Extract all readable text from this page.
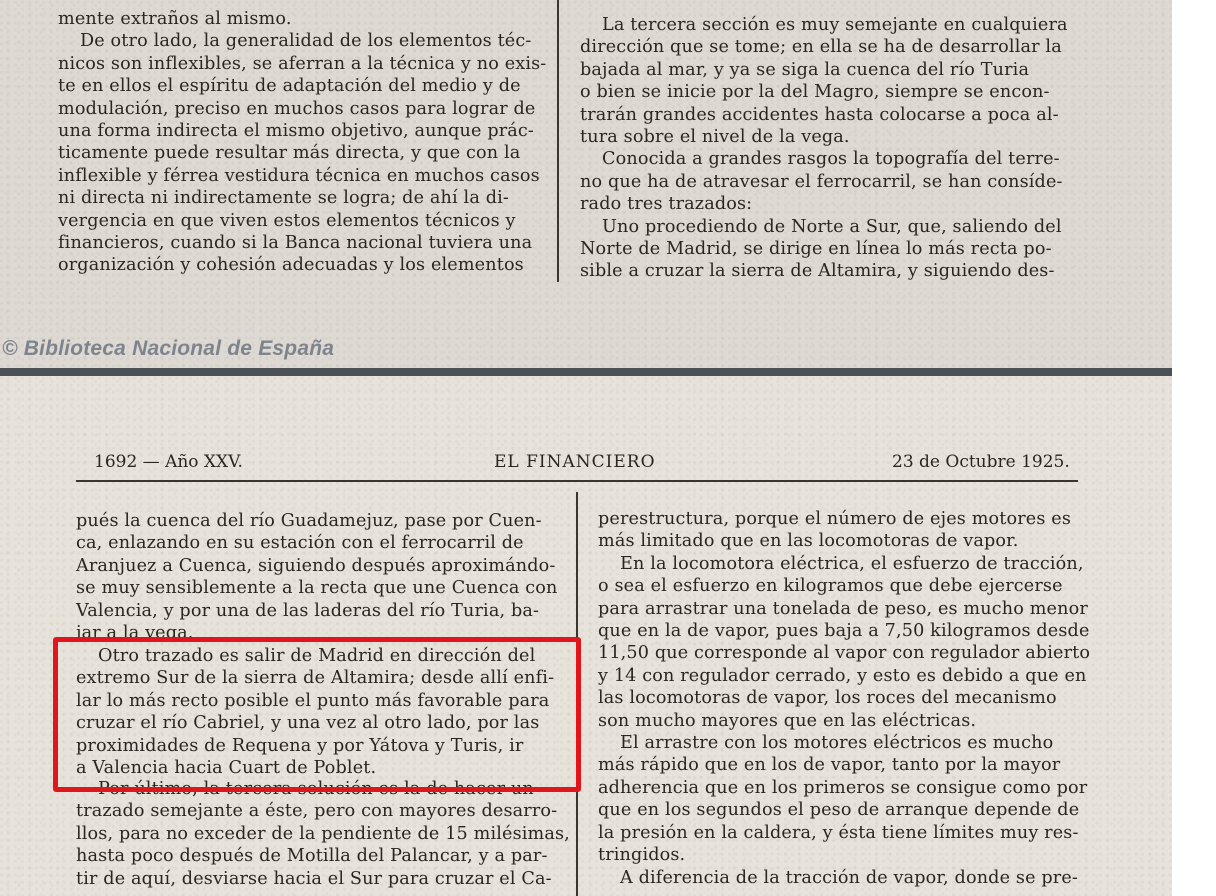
mente extraños al mismo.

De otro lado, la generalidad de los elementos téc-

nicos son inflexibles, se aferran a la técnica y no exis-

te en ellos el espíritu de adaptación del medio y de

modulación, preciso en muchos casos para lograr de

una forma indirecta el mismo objetivo, aunque prác-

ticamente puede resultar más directa, y que con la

inflexible y férrea vestidura técnica en muchos casos

ni directa ni indirectamente se logra; de ahí la di-

vergencia en que viven estos elementos técnicos y

financieros, cuando si la Banca nacional tuviera una

organización y cohesión adecuadas y los elementos

La tercera sección es muy semejante en cualquiera

dirección que se tome; en ella se ha de desarrollar la

bajada al mar, y ya se siga la cuenca del río Turia

o bien se inicie por la del Magro, siempre se encon-

trarán grandes accidentes hasta colocarse a poca al-

tura sobre el nivel de la vega.

Conocida a grandes rasgos la topografía del terre-

no que ha de atravesar el ferrocarril, se han consíde-

rado tres trazados:

Uno procediendo de Norte a Sur, que, saliendo del

Norte de Madrid, se dirige en línea lo más recta po-

sible a cruzar la sierra de Altamira, y siguiendo des-

© Biblioteca Nacional de España
1692 — Año XXV.	EL FINANCIERO	23 de Octubre 1925.

pués la cuenca del río Guadamejuz, pase por Cuen-

ca, enlazando en su estación con el ferrocarril de

Aranjuez a Cuenca, siguiendo después aproximándo-

se muy sensiblemente a la recta que une Cuenca con

Valencia, y por una de las laderas del río Turia, ba-

jar a la vega.

Otro trazado es salir de Madrid en dirección del

extremo Sur de la sierra de Altamira; desde allí enfi-

lar lo más recto posible el punto más favorable para

cruzar el río Cabriel, y una vez al otro lado, por las

proximidades de Requena y por Yátova y Turis, ir

a Valencia hacia Cuart de Poblet.

Por último, la tercera solución es la de hacer un

trazado semejante a éste, pero con mayores desarro-

llos, para no exceder de la pendiente de 15 milésimas,

hasta poco después de Motilla del Palancar, y a par-

tir de aquí, desviarse hacia el Sur para cruzar el Ca-

perestructura, porque el número de ejes motores es

más limitado que en las locomotoras de vapor.

En la locomotora eléctrica, el esfuerzo de tracción,

o sea el esfuerzo en kilogramos que debe ejercerse

para arrastrar una tonelada de peso, es mucho menor

que en la de vapor, pues baja a 7,50 kilogramos desde

11,50 que corresponde al vapor con regulador abierto

y 14 con regulador cerrado, y esto es debido a que en

las locomotoras de vapor, los roces del mecanismo

son mucho mayores que en las eléctricas.

El arrastre con los motores eléctricos es mucho

más rápido que en los de vapor, tanto por la mayor

adherencia que en los primeros se consigue como por

que en los segundos el peso de arranque depende de

la presión en la caldera, y ésta tiene límites muy res-

tringidos.

A diferencia de la tracción de vapor, donde se pre-
